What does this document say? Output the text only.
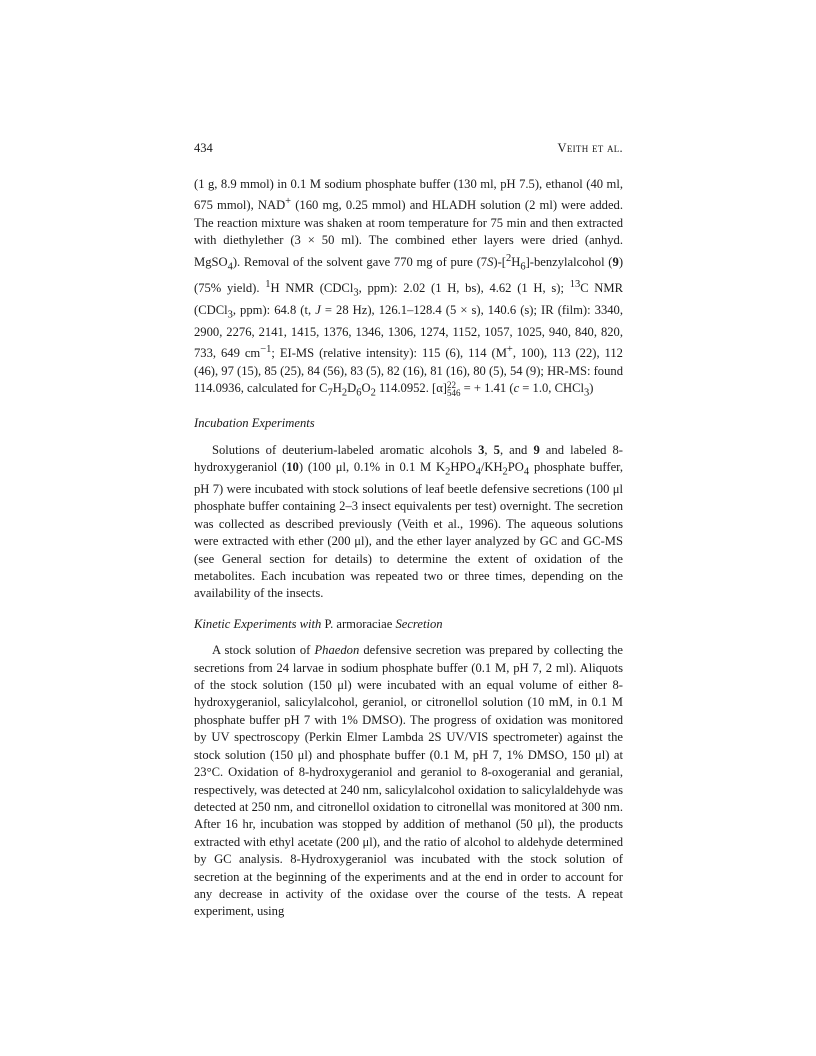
434	Veith et al.

(1 g, 8.9 mmol) in 0.1 M sodium phosphate buffer (130 ml, pH 7.5), ethanol (40 ml, 675 mmol), NAD+ (160 mg, 0.25 mmol) and HLADH solution (2 ml) were added. The reaction mixture was shaken at room temperature for 75 min and then extracted with diethylether (3 × 50 ml). The combined ether layers were dried (anhyd. MgSO$_4$). Removal of the solvent gave 770 mg of pure $(7S)-[^2H_6]$-benzylalcohol (9) (75% yield). $^1$H NMR (CDCl$_3$, ppm): 2.02 (1 H, bs), 4.62 (1 H, s); $^{13}$C NMR (CDCl$_3$, ppm): 64.8 (t, J = 28 Hz), 126.1–128.4 (5 × s), 140.6 (s); IR (film): 3340, 2900, 2276, 2141, 1415, 1376, 1346, 1306, 1274, 1152, 1057, 1025, 940, 840, 820, 733, 649 $cm^{-1}$; EI-MS (relative intensity): 115 (6), 114 (M+, 100), 113 (22), 112 (46), 97 (15), 85 (25), 84 (56), 83 (5), 82 (16), 81 (16), 80 (5), 54 (9); HR-MS: found 114.0936, calculated for $C_7H_2D_6O_2$ 114.0952. [α] 22
546 = + 1.41 (c = 1.0, CHCl$_3$)

Incubation Experiments

Solutions of deuterium-labeled aromatic alcohols 3, 5, and 9 and labeled 8-hydroxygeraniol (10) (100 μl, 0.1% in 0.1 M $K_2HPO_4/KH_2PO_4$ phosphate buffer, pH 7) were incubated with stock solutions of leaf beetle defensive secretions (100 μl phosphate buffer containing 2–3 insect equivalents per test) overnight. The secretion was collected as described previously (Veith et al., 1996). The aqueous solutions were extracted with ether (200 μl), and the ether layer analyzed by GC and GC-MS (see General section for details) to determine the extent of oxidation of the metabolites. Each incubation was repeated two or three times, depending on the availability of the insects.

Kinetic Experiments with P. armoraciae Secretion

A stock solution of Phaedon defensive secretion was prepared by collecting the secretions from 24 larvae in sodium phosphate buffer (0.1 M, pH 7, 2 ml). Aliquots of the stock solution (150 μl) were incubated with an equal volume of either 8-hydroxygeraniol, salicylalcohol, geraniol, or citronellol solution (10 mM, in 0.1 M phosphate buffer pH 7 with 1% DMSO). The progress of oxidation was monitored by UV spectroscopy (Perkin Elmer Lambda 2S UV/VIS spectrometer) against the stock solution (150 μl) and phosphate buffer (0.1 M, pH 7, 1% DMSO, 150 μl) at 23°C. Oxidation of 8-hydroxygeraniol and geraniol to 8-oxogeranial and geranial, respectively, was detected at 240 nm, salicylalcohol oxidation to salicylaldehyde was detected at 250 nm, and citronellol oxidation to citronellal was monitored at 300 nm. After 16 hr, incubation was stopped by addition of methanol (50 μl), the products extracted with ethyl acetate (200 μl), and the ratio of alcohol to aldehyde determined by GC analysis. 8-Hydroxygeraniol was incubated with the stock solution of secretion at the beginning of the experiments and at the end in order to account for any decrease in activity of the oxidase over the course of the tests. A repeat experiment, using
